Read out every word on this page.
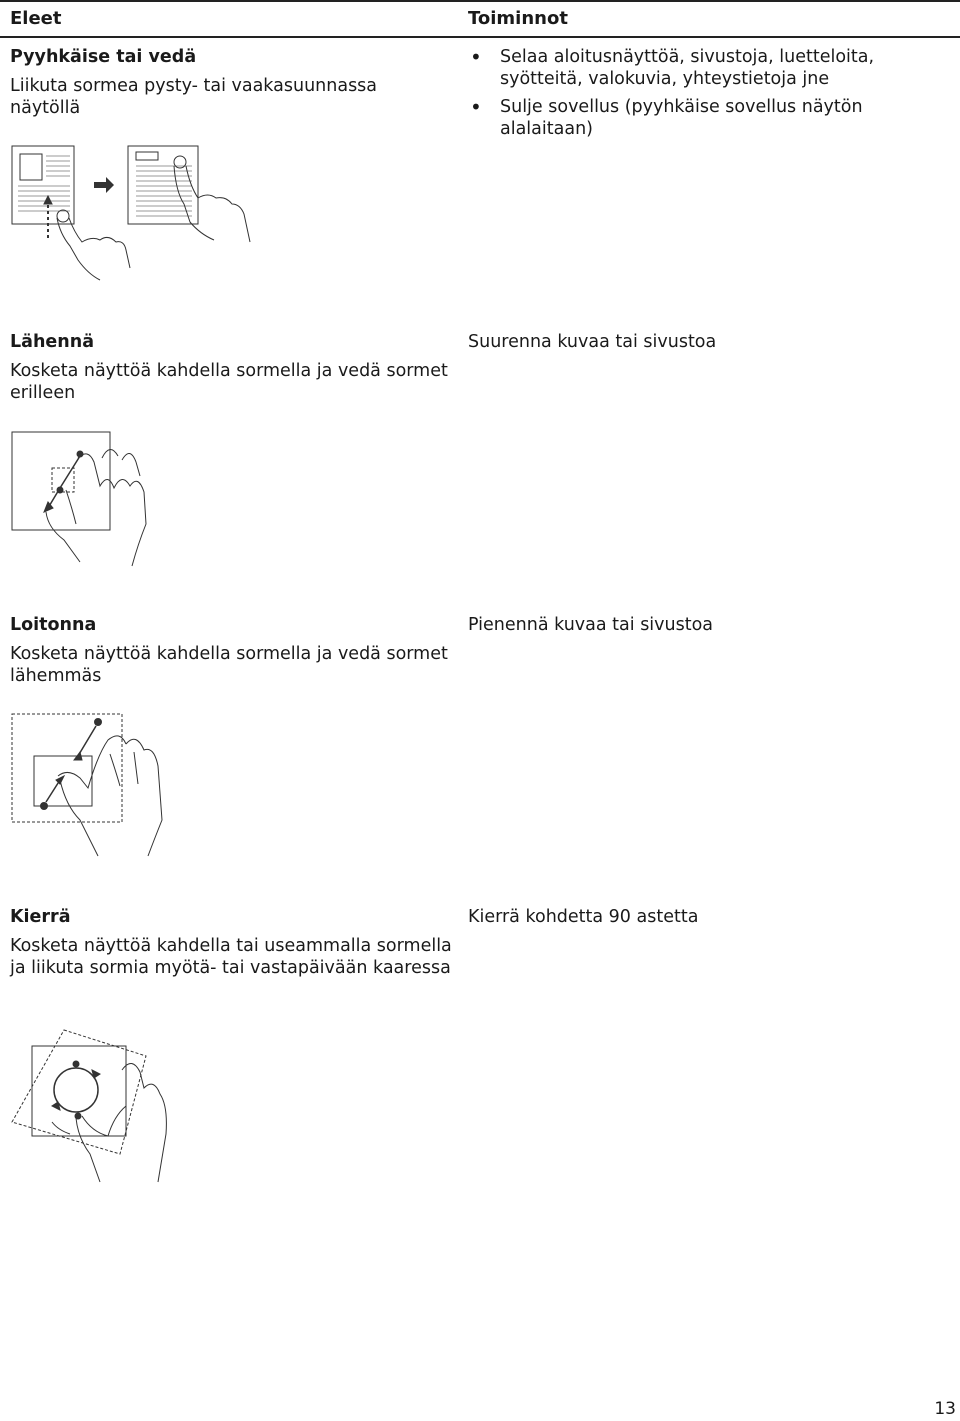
Eleet	Toiminnot
Pyyhkäise tai vedä
Liikuta sormea pysty- tai vaakasuunnassa näytöllä
• Selaa aloitusnäyttöä, sivustoja, luetteloita, syötteitä, valokuvia, yhteystietoja jne
• Sulje sovellus (pyyhkäise sovellus näytön alalaitaan)
Lähennä
Kosketa näyttöä kahdella sormella ja vedä sormet erilleen
Suurenna kuvaa tai sivustoa
Loitonna
Kosketa näyttöä kahdella sormella ja vedä sormet lähemmäs
Pienennä kuvaa tai sivustoa
Kierrä
Kosketa näyttöä kahdella tai useammalla sormella ja liikuta sormia myötä- tai vastapäivään kaaressa
Kierrä kohdetta 90 astetta
13
